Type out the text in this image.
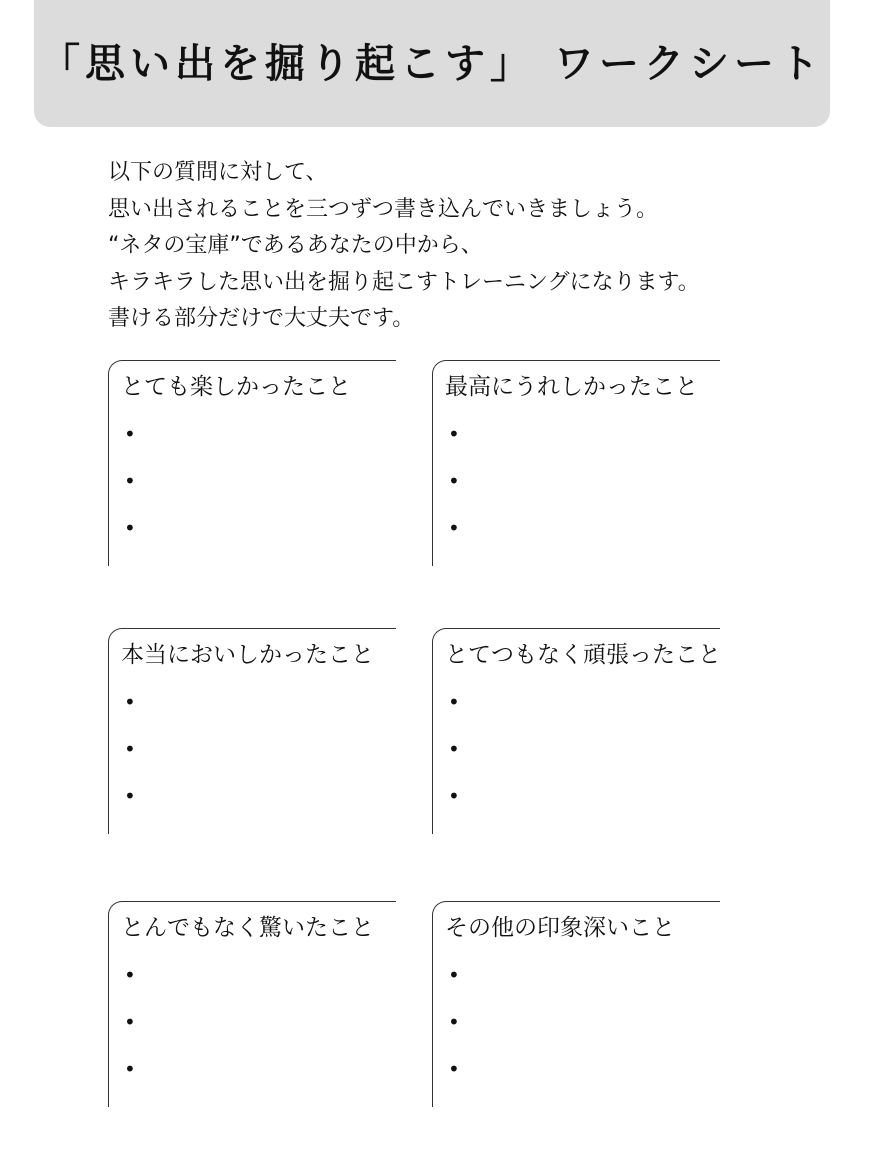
「思い出を掘り起こす」 ワークシート
以下の質問に対して、
思い出されることを三つずつ書き込んでいきましょう。
“ネタの宝庫”であるあなたの中から、
キラキラした思い出を掘り起こすトレーニングになります。
書ける部分だけで大丈夫です。
とても楽しかったこと
•
•
•
最高にうれしかったこと
•
•
•
本当においしかったこと
•
•
•
とてつもなく頑張ったこと
•
•
•
とんでもなく驚いたこと
•
•
•
その他の印象深いこと
•
•
•
